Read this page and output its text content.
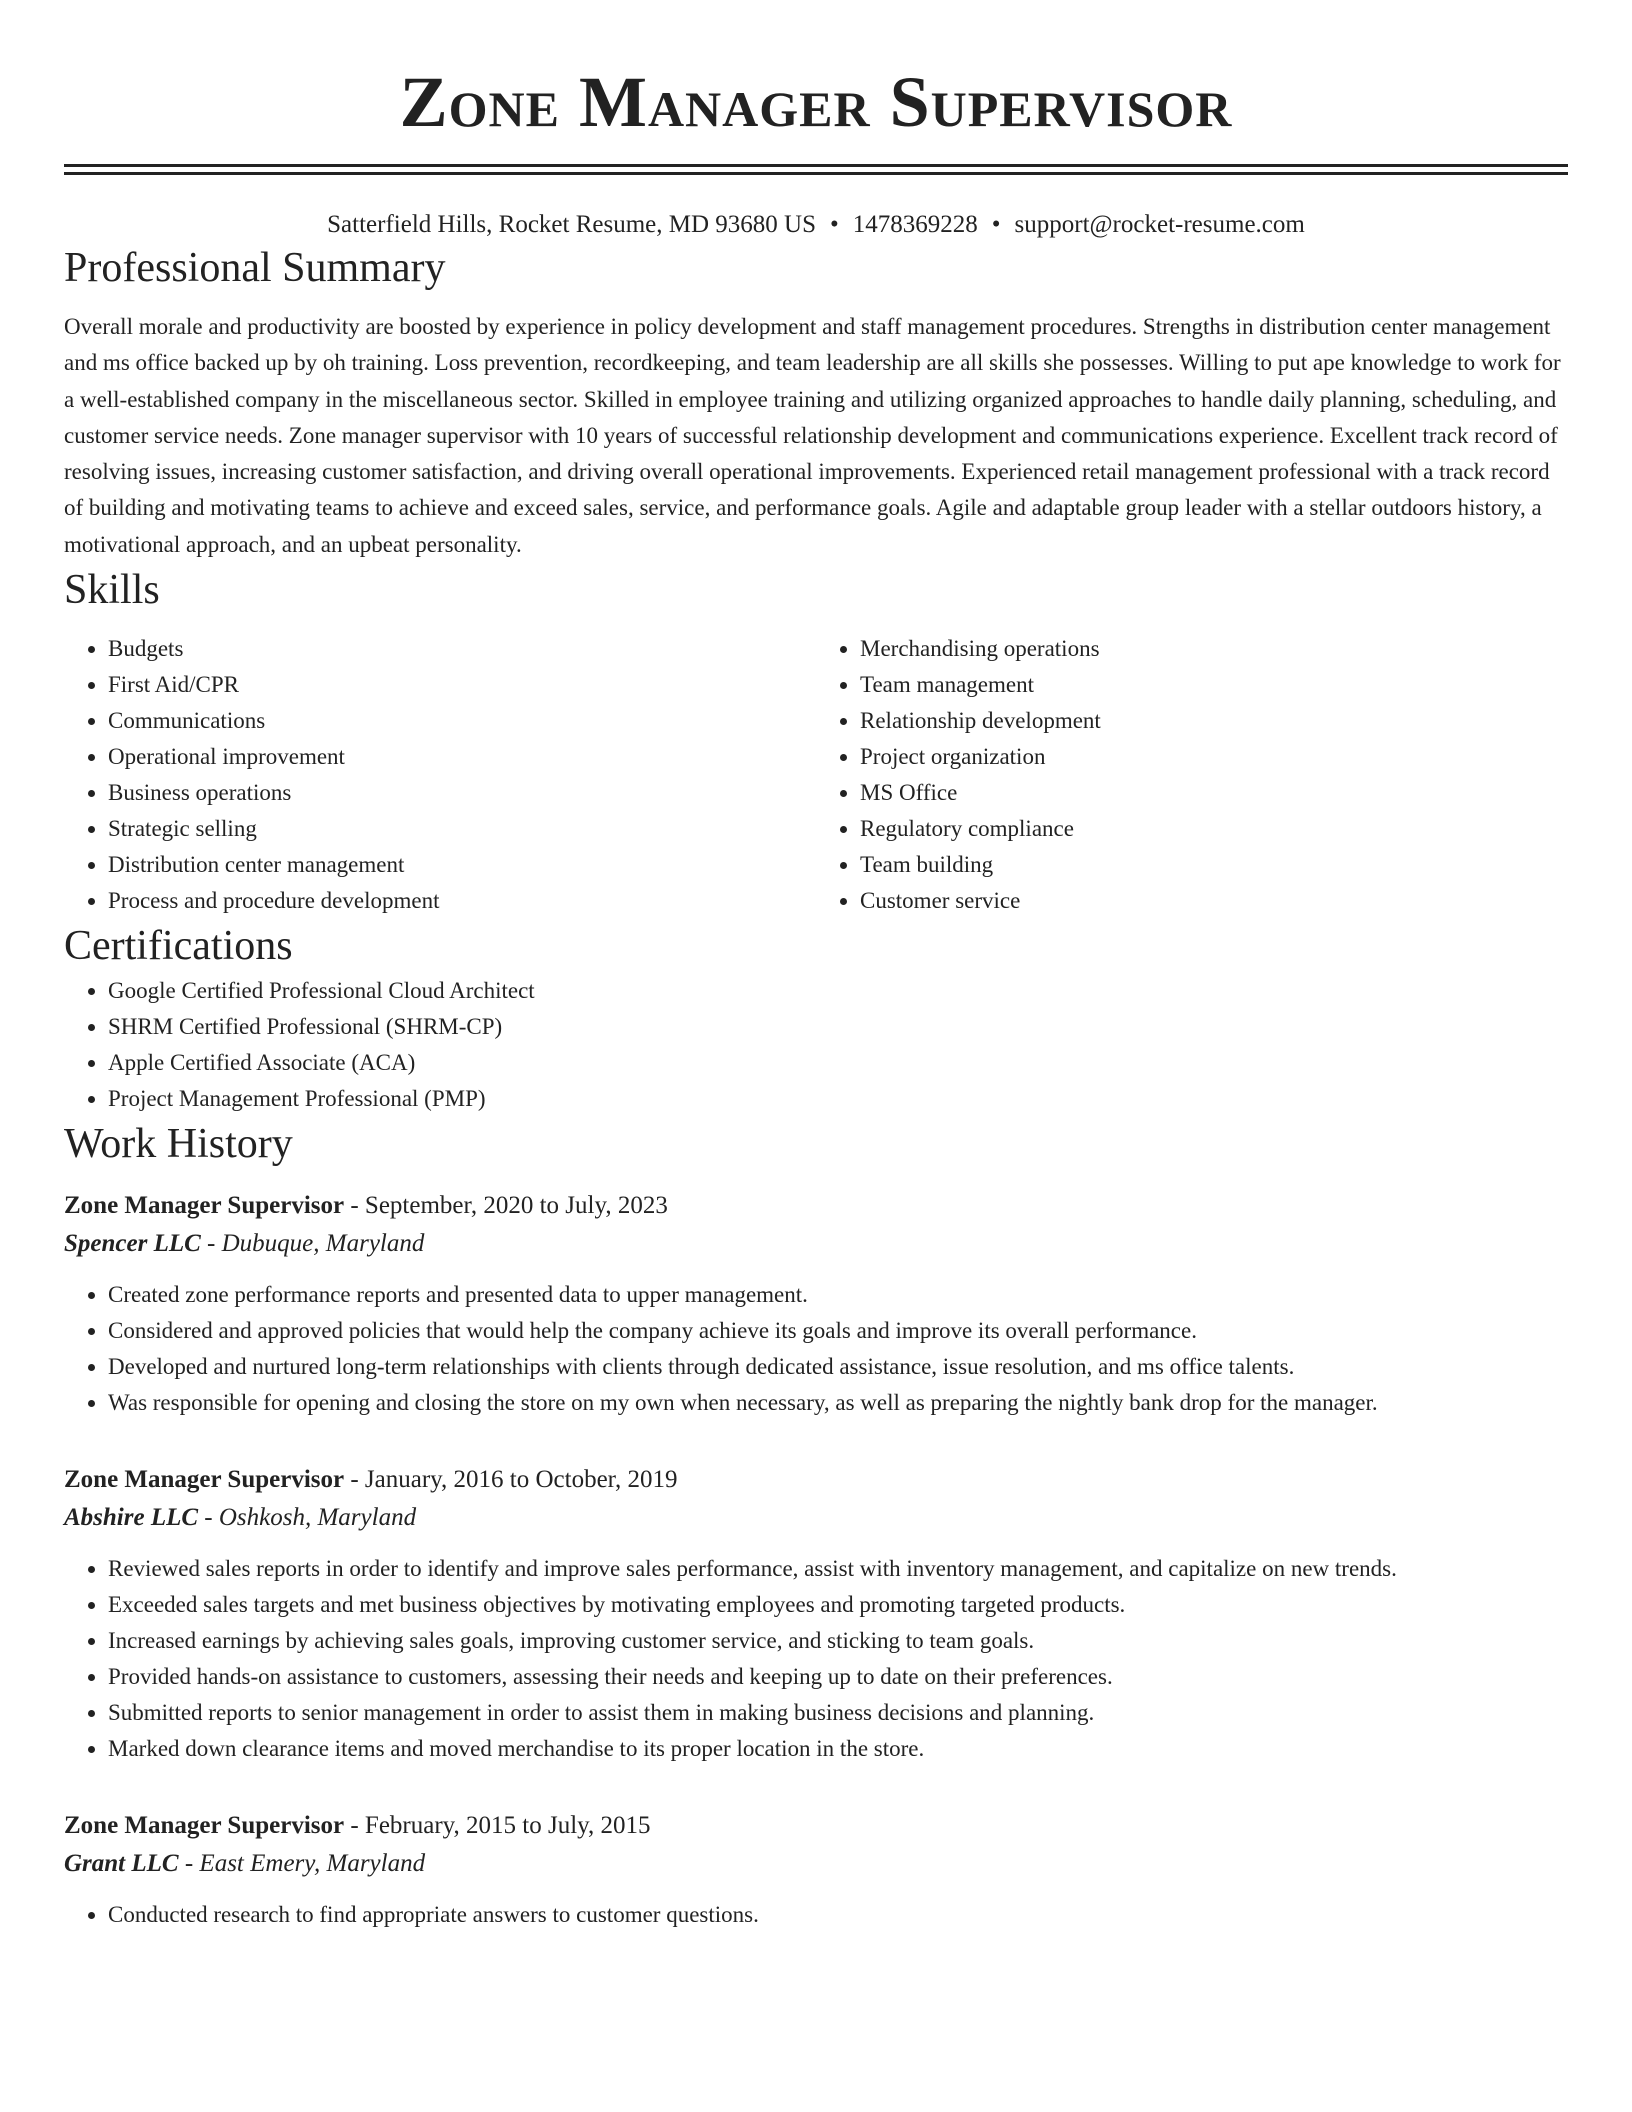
Zone Manager Supervisor
Satterfield Hills, Rocket Resume, MD 93680 US • 1478369228 • support@rocket-resume.com
Professional Summary

Overall morale and productivity are boosted by experience in policy development and staff management procedures. Strengths in distribution center management and ms office backed up by oh training. Loss prevention, recordkeeping, and team leadership are all skills she possesses. Willing to put ape knowledge to work for a well-established company in the miscellaneous sector. Skilled in employee training and utilizing organized approaches to handle daily planning, scheduling, and customer service needs. Zone manager supervisor with 10 years of successful relationship development and communications experience. Excellent track record of resolving issues, increasing customer satisfaction, and driving overall operational improvements. Experienced retail management professional with a track record of building and motivating teams to achieve and exceed sales, service, and performance goals. Agile and adaptable group leader with a stellar outdoors history, a motivational approach, and an upbeat personality.

Skills
• Budgets
• First Aid/CPR
• Communications
• Operational improvement
• Business operations
• Strategic selling
• Distribution center management
• Process and procedure development
• Merchandising operations
• Team management
• Relationship development
• Project organization
• MS Office
• Regulatory compliance
• Team building
• Customer service
Certifications
• Google Certified Professional Cloud Architect
• SHRM Certified Professional (SHRM-CP)
• Apple Certified Associate (ACA)
• Project Management Professional (PMP)
Work History
Zone Manager Supervisor - September, 2020 to July, 2023
Spencer LLC - Dubuque, Maryland
• Created zone performance reports and presented data to upper management.
• Considered and approved policies that would help the company achieve its goals and improve its overall performance.
• Developed and nurtured long-term relationships with clients through dedicated assistance, issue resolution, and ms office talents.
• Was responsible for opening and closing the store on my own when necessary, as well as preparing the nightly bank drop for the manager.
Zone Manager Supervisor - January, 2016 to October, 2019
Abshire LLC - Oshkosh, Maryland
• Reviewed sales reports in order to identify and improve sales performance, assist with inventory management, and capitalize on new trends.
• Exceeded sales targets and met business objectives by motivating employees and promoting targeted products.
• Increased earnings by achieving sales goals, improving customer service, and sticking to team goals.
• Provided hands-on assistance to customers, assessing their needs and keeping up to date on their preferences.
• Submitted reports to senior management in order to assist them in making business decisions and planning.
• Marked down clearance items and moved merchandise to its proper location in the store.
Zone Manager Supervisor - February, 2015 to July, 2015
Grant LLC - East Emery, Maryland
• Conducted research to find appropriate answers to customer questions.
